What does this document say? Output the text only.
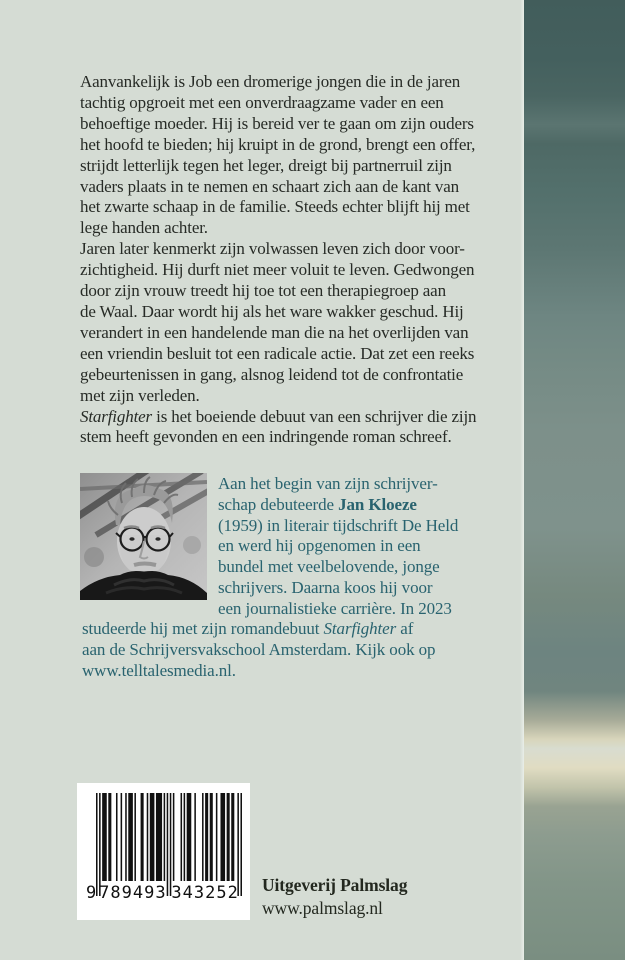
Aanvankelijk is Job een dromerige jongen die in de jaren
tachtig opgroeit met een onverdraagzame vader en een
behoeftige moeder. Hij is bereid ver te gaan om zijn ouders
het hoofd te bieden; hij kruipt in de grond, brengt een offer,
strijdt letterlijk tegen het leger, dreigt bij partnerruil zijn
vaders plaats in te nemen en schaart zich aan de kant van
het zwarte schaap in de familie. Steeds echter blijft hij met
lege handen achter.
Jaren later kenmerkt zijn volwassen leven zich door voor-
zichtigheid. Hij durft niet meer voluit te leven. Gedwongen
door zijn vrouw treedt hij toe tot een therapiegroep aan
de Waal. Daar wordt hij als het ware wakker geschud. Hij
verandert in een handelende man die na het overlijden van
een vriendin besluit tot een radicale actie. Dat zet een reeks
gebeurtenissen in gang, alsnog leidend tot de confrontatie
met zijn verleden.
Starfighter is het boeiende debuut van een schrijver die zijn
stem heeft gevonden en een indringende roman schreef.
Aan het begin van zijn schrijver-
schap debuteerde Jan Kloeze
(1959) in literair tijdschrift De Held
en werd hij opgenomen in een
bundel met veelbelovende, jonge
schrijvers. Daarna koos hij voor
een journalistieke carrière. In 2023
studeerde hij met zijn romandebuut Starfighter af
aan de Schrijversvakschool Amsterdam. Kijk ook op
www.telltalesmedia.nl.
9 789493 343252 Uitgeverij Palmslag
www.palmslag.nl
